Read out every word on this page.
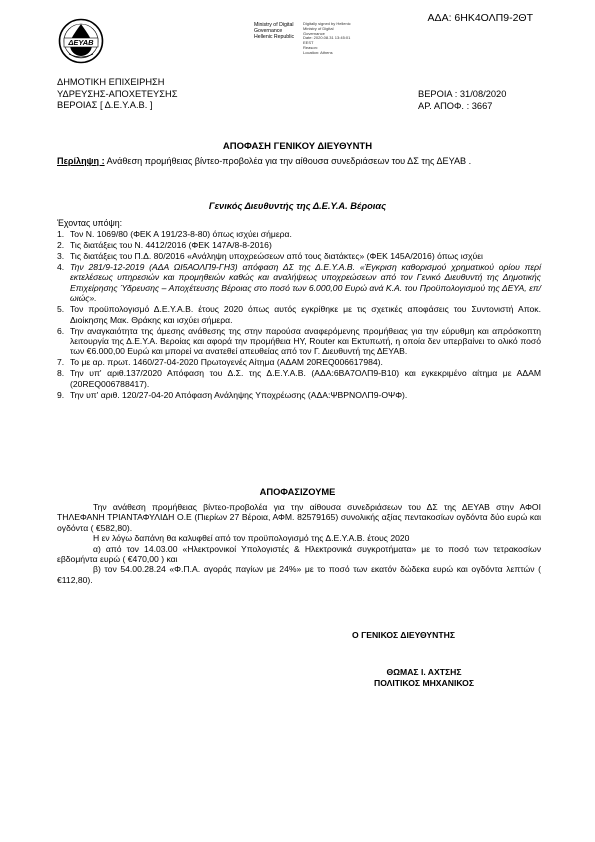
ΑΔΑ: 6ΗΚ4ΟΛΠ9-2ΘΤ
ΔΕΥΑΒ
Ministry of Digital
Governance
Hellenic Republic
Digitally signed by Hellenic
Ministry of Digital
Governance
Date: 2020.08.31 13:45:01
EEST
Reason:
Location: Athens
ΔΗΜΟΤΙΚΗ ΕΠΙΧΕΙΡΗΣΗ
ΥΔΡΕΥΣΗΣ-ΑΠΟΧΕΤΕΥΣΗΣ
ΒΕΡΟΙΑΣ [ Δ.Ε.Υ.Α.Β. ]
ΒΕΡΟΙΑ : 31/08/2020
ΑΡ. ΑΠΟΦ. : 3667
ΑΠΟΦΑΣΗ ΓΕΝΙΚΟΥ ΔΙΕΥΘΥΝΤΗ
Περίληψη : Ανάθεση προμήθειας βίντεο-προβολέα για την αίθουσα συνεδριάσεων του ΔΣ της ΔΕΥΑΒ .
Γενικός Διευθυντής της Δ.Ε.Υ.Α. Βέροιας
Έχοντας υπόψη:
1. Τον Ν. 1069/80 (ΦΕΚ Α 191/23-8-80) όπως ισχύει σήμερα.
2. Τις διατάξεις του Ν. 4412/2016 (ΦΕΚ 147Α/8-8-2016)
3. Τις διατάξεις του Π.Δ. 80/2016 «Ανάληψη υποχρεώσεων από τους διατάκτες» (ΦΕΚ 145Α/2016) όπως ισχύει
4. Την 281/9-12-2019 (ΑΔΑ ΩΙ5ΑΟΛΠ9-ΓΗ3) απόφαση ΔΣ της Δ.Ε.Υ.Α.Β. «Έγκριση καθορισμού χρηματικού ορίου περί εκτελέσεως υπηρεσιών και προμηθειών καθώς και αναλήψεως υποχρεώσεων από τον Γενικό Διευθυντή της Δημοτικής Επιχείρησης Ύδρευσης – Αποχέτευσης Βέροιας στο ποσό των 6.000,00 Ευρώ ανά Κ.Α. του Προϋπολογισμού της ΔΕΥΑ, επ/ωιώς».
5. Τον προϋπολογισμό Δ.Ε.Υ.Α.Β. έτους 2020 όπως αυτός εγκρίθηκε με τις σχετικές αποφάσεις του Συντονιστή Αποκ. Διοίκησης Μακ. Θράκης και ισχύει σήμερα.
6. Την αναγκαιότητα της άμεσης ανάθεσης της στην παρούσα αναφερόμενης προμήθειας για την εύρυθμη και απρόσκοπτη λειτουργία της Δ.Ε.Υ.Α. Βεροίας και αφορά την προμήθεια ΗΥ, Router και Εκτυπωτή, η οποία δεν υπερβαίνει το ολικό ποσό των €6.000,00 Ευρώ και μπορεί να ανατεθεί απευθείας από τον Γ. Διευθυντή της ΔΕΥΑΒ.
7. Το με αρ. πρωτ. 1460/27-04-2020 Πρωτογενές Αίτημα (ΑΔΑΜ 20REQ006617984).
8. Την υπ' αριθ.137/2020 Απόφαση του Δ.Σ. της Δ.Ε.Υ.Α.Β. (ΑΔΑ:6ΒΑ7ΟΛΠ9-Β10) και εγκεκριμένο αίτημα με ΑΔΑΜ (20REQ006788417).
9. Την υπ' αριθ. 120/27-04-20 Απόφαση Ανάληψης Υποχρέωσης (ΑΔΑ:ΨΒΡΝΟΛΠ9-ΟΨΦ).
ΑΠΟΦΑΣΙΖΟΥΜΕ

Την ανάθεση προμήθειας βίντεο-προβολέα για την αίθουσα συνεδριάσεων του ΔΣ της ΔΕΥΑΒ στην ΑΦΟΙ ΤΗΛΕΦΑΝΗ ΤΡΙΑΝΤΑΦΥΛΙΔΗ Ο.Ε (Πιερίων 27 Βέροια, ΑΦΜ. 82579165) συνολικής αξίας πεντακοσίων ογδόντα δύο ευρώ και ογδόντα ( €582,80).

Η εν λόγω δαπάνη θα καλυφθεί από τον προϋπολογισμό της Δ.Ε.Υ.Α.Β. έτους 2020

α) από τον 14.03.00 «Ηλεκτρονικοί Υπολογιστές & Ηλεκτρονικά συγκροτήματα» με το ποσό των τετρακοσίων εβδομήντα ευρώ ( €470,00 ) και

β) τον 54.00.28.24 «Φ.Π.Α. αγοράς παγίων με 24%» με το ποσό των εκατόν δώδεκα ευρώ και ογδόντα λεπτών ( €112,80).

Ο ΓΕΝΙΚΟΣ ΔΙΕΥΘΥΝΤΗΣ
ΘΩΜΑΣ Ι. ΑΧΤΣΗΣ
ΠΟΛΙΤΙΚΟΣ ΜΗΧΑΝΙΚΟΣ
